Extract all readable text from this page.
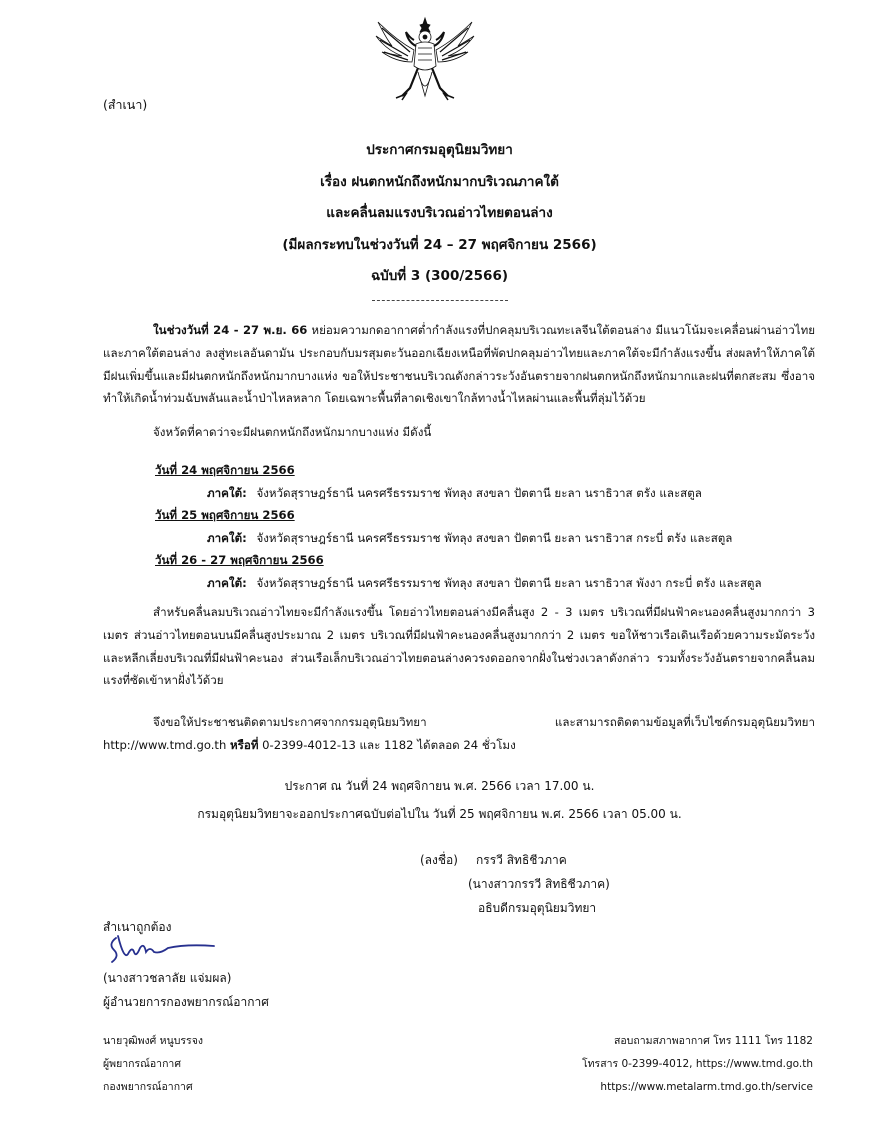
(สำเนา)
ประกาศกรมอุตุนิยมวิทยา
เรื่อง ฝนตกหนักถึงหนักมากบริเวณภาคใต้
และคลื่นลมแรงบริเวณอ่าวไทยตอนล่าง
(มีผลกระทบในช่วงวันที่ 24 – 27 พฤศจิกายน 2566)
ฉบับที่ 3 (300/2566)
ในช่วงวันที่ 24 - 27 พ.ย. 66 หย่อมความกดอากาศต่ำกำลังแรงที่ปกคลุมบริเวณทะเลจีนใต้ตอนล่าง มีแนวโน้มจะเคลื่อนผ่านอ่าวไทยและภาคใต้ตอนล่าง ลงสู่ทะเลอันดามัน ประกอบกับมรสุมตะวันออกเฉียงเหนือที่พัดปกคลุมอ่าวไทยและภาคใต้จะมีกำลังแรงขึ้น ส่งผลทำให้ภาคใต้มีฝนเพิ่มขึ้นและมีฝนตกหนักถึงหนักมากบางแห่ง ขอให้ประชาชนบริเวณดังกล่าวระวังอันตรายจากฝนตกหนักถึงหนักมากและฝนที่ตกสะสม ซึ่งอาจทำให้เกิดน้ำท่วมฉับพลันและน้ำป่าไหลหลาก โดยเฉพาะพื้นที่ลาดเชิงเขาใกล้ทางน้ำไหลผ่านและพื้นที่ลุ่มไว้ด้วย
จังหวัดที่คาดว่าจะมีฝนตกหนักถึงหนักมากบางแห่ง มีดังนี้
วันที่ 24 พฤศจิกายน 2566
ภาคใต้: จังหวัดสุราษฎร์ธานี นครศรีธรรมราช พัทลุง สงขลา ปัตตานี ยะลา นราธิวาส ตรัง และสตูล
วันที่ 25 พฤศจิกายน 2566
ภาคใต้: จังหวัดสุราษฎร์ธานี นครศรีธรรมราช พัทลุง สงขลา ปัตตานี ยะลา นราธิวาส กระบี่ ตรัง และสตูล
วันที่ 26 - 27 พฤศจิกายน 2566
ภาคใต้: จังหวัดสุราษฎร์ธานี นครศรีธรรมราช พัทลุง สงขลา ปัตตานี ยะลา นราธิวาส พังงา กระบี่ ตรัง และสตูล
สำหรับคลื่นลมบริเวณอ่าวไทยจะมีกำลังแรงขึ้น โดยอ่าวไทยตอนล่างมีคลื่นสูง 2 - 3 เมตร บริเวณที่มีฝนฟ้าคะนองคลื่นสูงมากกว่า 3 เมตร ส่วนอ่าวไทยตอนบนมีคลื่นสูงประมาณ 2 เมตร บริเวณที่มีฝนฟ้าคะนองคลื่นสูงมากกว่า 2 เมตร ขอให้ชาวเรือเดินเรือด้วยความระมัดระวัง และหลีกเลี่ยงบริเวณที่มีฝนฟ้าคะนอง ส่วนเรือเล็กบริเวณอ่าวไทยตอนล่างควรงดออกจากฝั่งในช่วงเวลาดังกล่าว รวมทั้งระวังอันตรายจากคลื่นลมแรงที่ซัดเข้าหาฝั่งไว้ด้วย
จึงขอให้ประชาชนติดตามประกาศจากกรมอุตุนิยมวิทยา และสามารถติดตามข้อมูลที่เว็บไซต์กรมอุตุนิยมวิทยา http://www.tmd.go.th หรือที่ 0-2399-4012-13 และ 1182 ได้ตลอด 24 ชั่วโมง
ประกาศ ณ วันที่ 24 พฤศจิกายน พ.ศ. 2566 เวลา 17.00 น.
กรมอุตุนิยมวิทยาจะออกประกาศฉบับต่อไปใน วันที่ 25 พฤศจิกายน พ.ศ. 2566 เวลา 05.00 น.
(ลงชื่อ) กรรวี สิทธิชีวภาค
(นางสาวกรรวี สิทธิชีวภาค)
อธิบดีกรมอุตุนิยมวิทยา
สำเนาถูกต้อง
(นางสาวชลาลัย แจ่มผล)
ผู้อำนวยการกองพยากรณ์อากาศ
นายวุฒิพงศ์ หนูบรรจง
ผู้พยากรณ์อากาศ
กองพยากรณ์อากาศ
สอบถามสภาพอากาศ โทร 1111 โทร 1182
โทรสาร 0-2399-4012, https://www.tmd.go.th
https://www.metalarm.tmd.go.th/service
